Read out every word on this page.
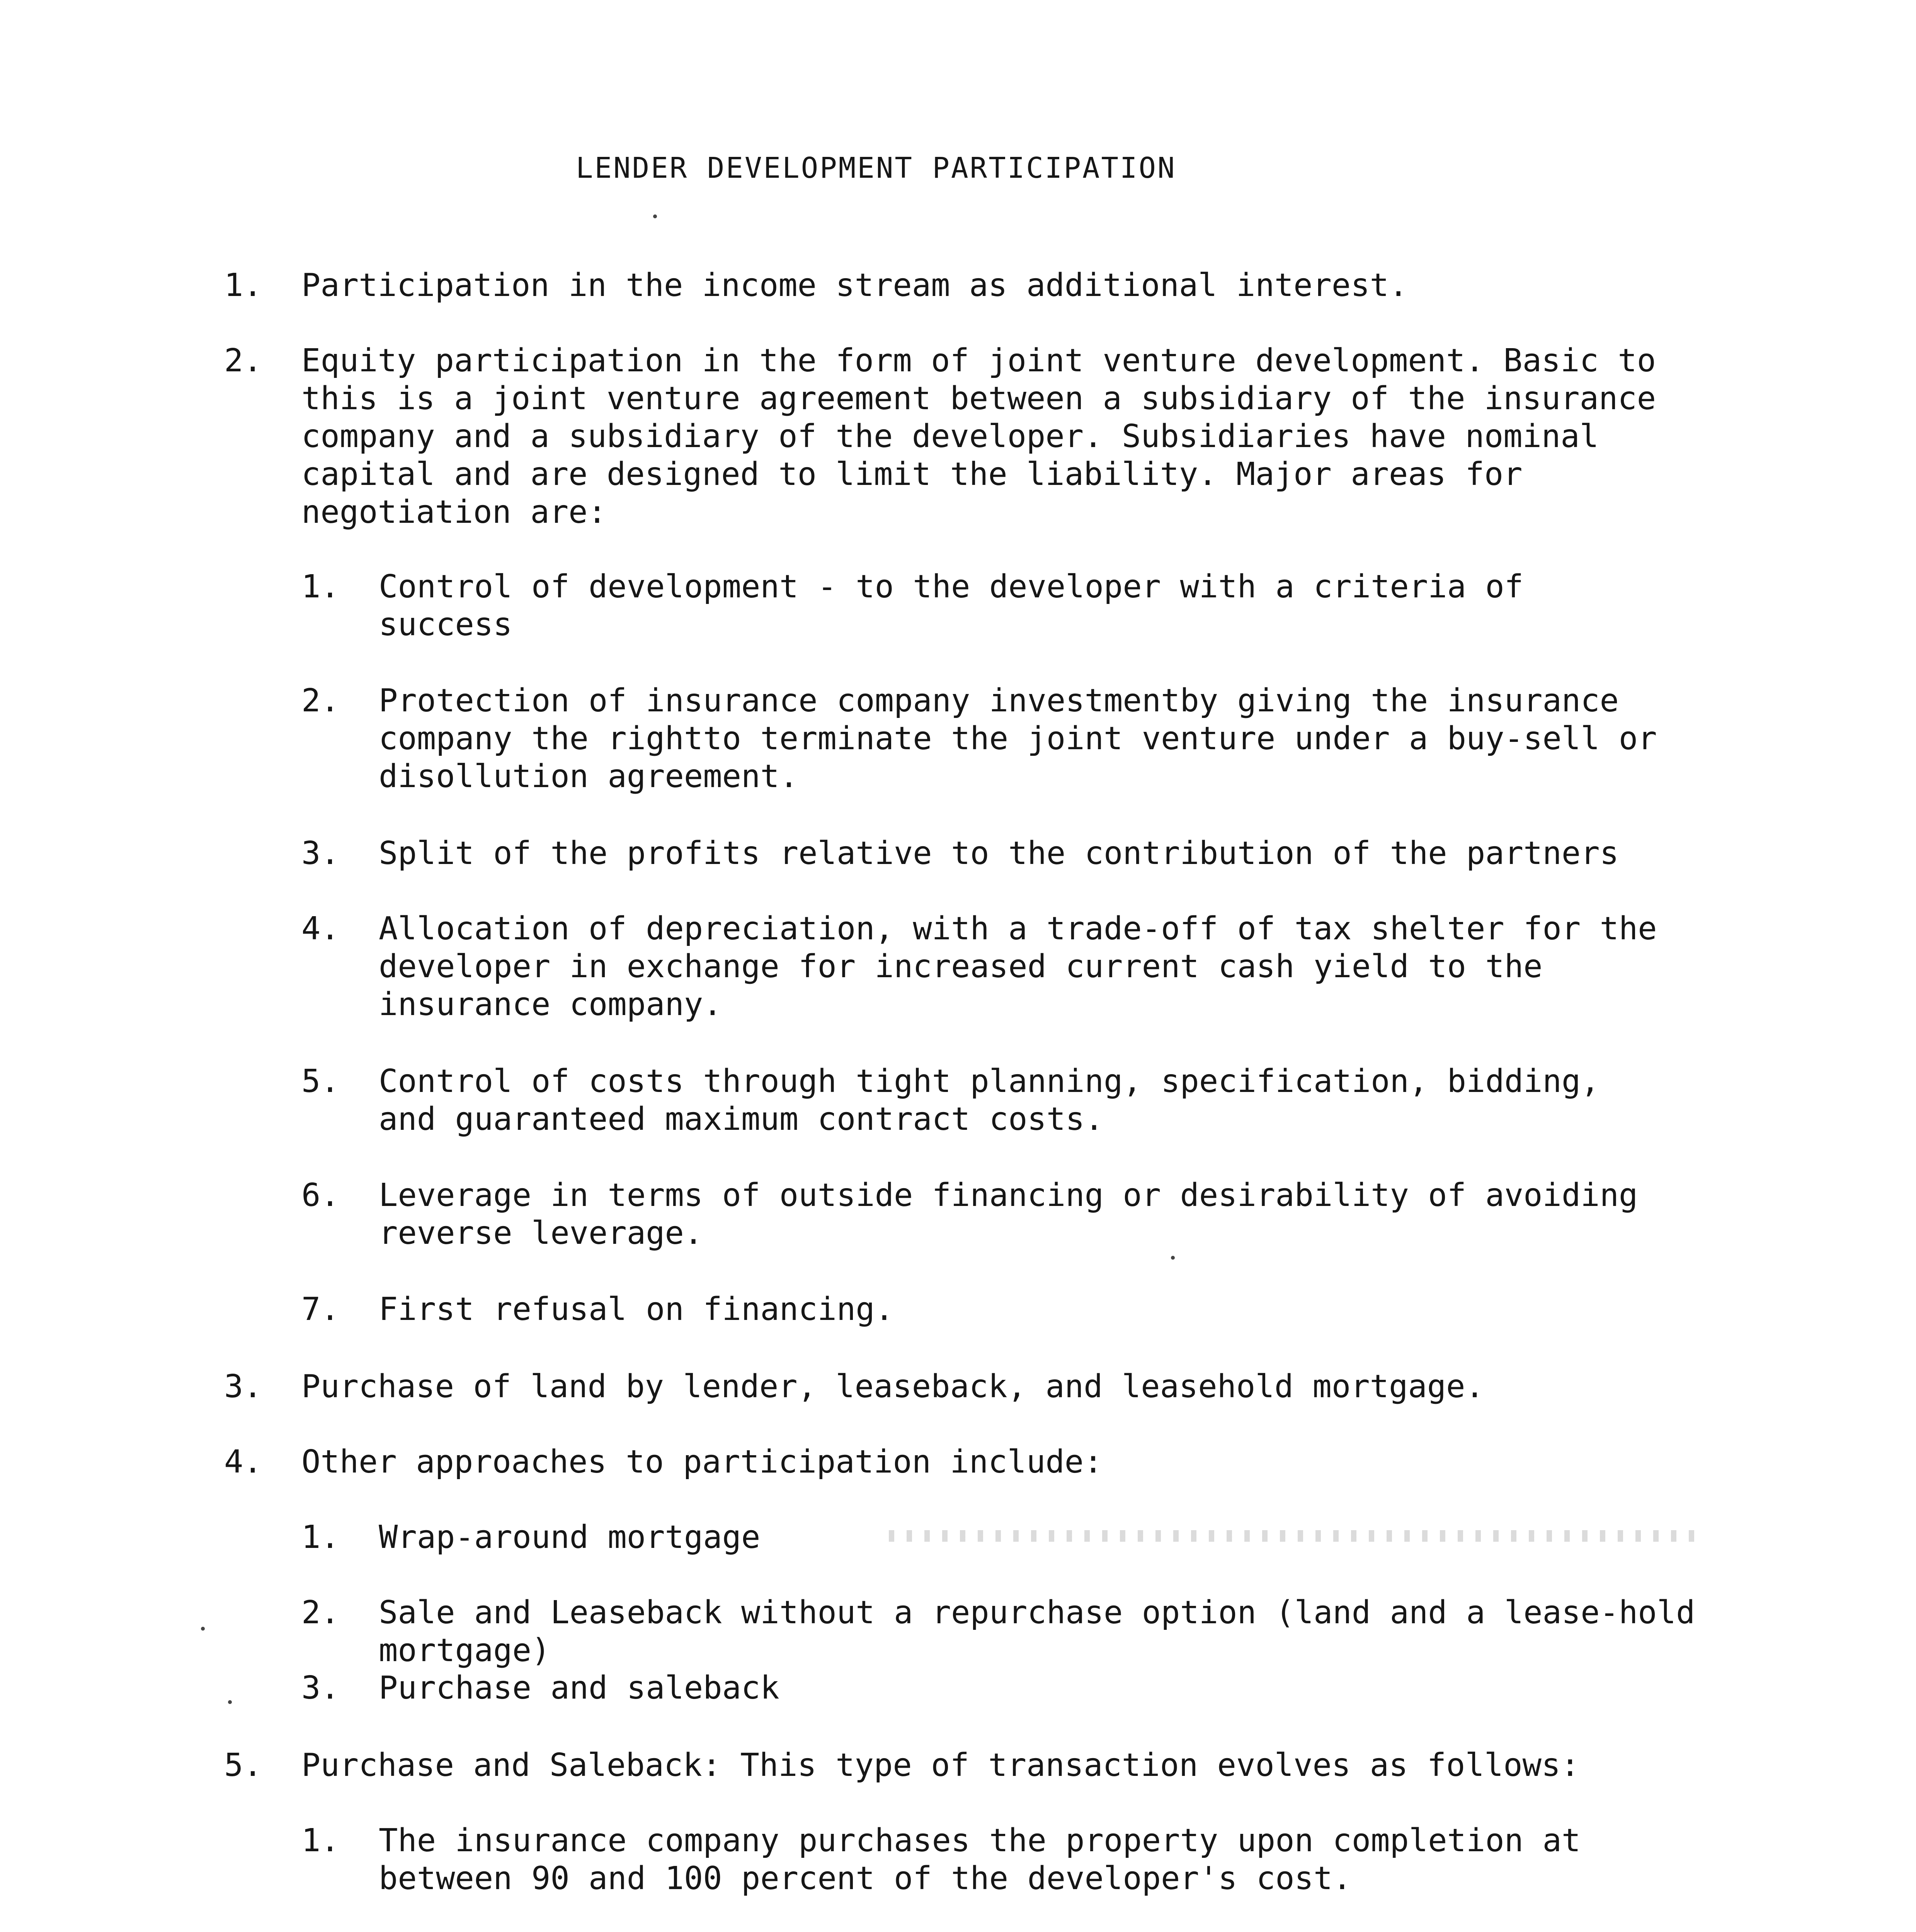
LENDER DEVELOPMENT PARTICIPATION
1. Participation in the income stream as additional interest.
2. Equity participation in the form of joint venture development. Basic to
this is a joint venture agreement between a subsidiary of the insurance
company and a subsidiary of the developer. Subsidiaries have nominal
capital and are designed to limit the liability. Major areas for
negotiation are:
1. Control of development - to the developer with a criteria of
success
2. Protection of insurance company investmentby giving the insurance
company the rightto terminate the joint venture under a buy-sell or
disollution agreement.
3. Split of the profits relative to the contribution of the partners
4. Allocation of depreciation, with a trade-off of tax shelter for the
developer in exchange for increased current cash yield to the
insurance company.
5. Control of costs through tight planning, specification, bidding,
and guaranteed maximum contract costs.
6. Leverage in terms of outside financing or desirability of avoiding
reverse leverage.
7. First refusal on financing.
3. Purchase of land by lender, leaseback, and leasehold mortgage.
4. Other approaches to participation include:
1. Wrap-around mortgage
2. Sale and Leaseback without a repurchase option (land and a lease-hold
mortgage)
3. Purchase and saleback
5. Purchase and Saleback: This type of transaction evolves as follows:
1. The insurance company purchases the property upon completion at
between 90 and 100 percent of the developer's cost.
